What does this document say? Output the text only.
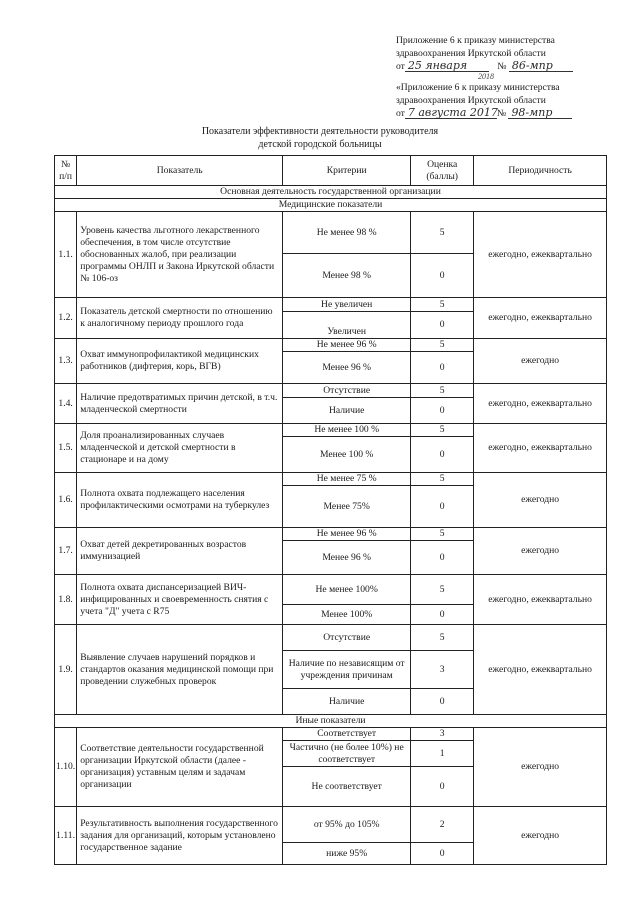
Приложение 6 к приказу министерства
здравоохранения Иркутской области
от 25 января	№ 86-мпр
2018
«Приложение 6 к приказу министерства
здравоохранения Иркутской области
от 7 августа 2017№ 98-мпр
Показатели эффективности деятельности руководителя
детской городской больницы
№ п/п	Показатель	Критерии	Оценка (баллы)	Периодичность
Основная деятельность государственной организации				
Медицинские показатели				
1.1.	Уровень качества льготного лекарственного обеспечения, в том числе отсутствие обоснованных жалоб, при реализации программы ОНЛП и Закона Иркутской области № 106-оз	Не менее 98 %	5	ежегодно, ежеквартально
		Менее 98 %	0	
1.2.	Показатель детской смертности по отношению к аналогичному периоду прошлого года	Не увеличен	5	ежегодно, ежеквартально
		Увеличен	0	
1.3.	Охват иммунопрофилактикой медицинских работников (дифтерия, корь, ВГВ)	Не менее 96 %	5	ежегодно
		Менее 96 %	0	
1.4.	Наличие предотвратимых причин детской, в т.ч. младенческой смертности	Отсутствие	5	ежегодно, ежеквартально
		Наличие	0	
1.5.	Доля проанализированных случаев младенческой и детской смертности в стационаре и на дому	Не менее 100 %	5	ежегодно, ежеквартально
		Менее 100 %	0	
1.6.	Полнота охвата подлежащего населения профилактическими осмотрами на туберкулез	Не менее 75 %	5	ежегодно
		Менее 75%	0	
1.7.	Охват детей декретированных возрастов иммунизацией	Не менее 96 %	5	ежегодно
		Менее 96 %	0	
1.8.	Полнота охвата диспансеризацией ВИЧ-инфицированных и своевременность снятия с учета "Д" учета с R75	Не менее 100%	5	ежегодно, ежеквартально
		Менее 100%	0	
1.9.	Выявление случаев нарушений порядков и стандартов оказания медицинской помощи при проведении служебных проверок	Отсутствие	5	ежегодно, ежеквартально
		Наличие по независящим от учреждения причинам	3	
		Наличие	0	
Иные показатели				
1.10.	Соответствие деятельности государственной организации Иркутской области (далее - организация) уставным целям и задачам организации	Соответствует	3	ежегодно
		Частично (не более 10%) не соответствует	1	
		Не соответствует	0	
1.11.	Результативность выполнения государственного задания для организаций, которым установлено государственное задание	от 95% до 105%	2	ежегодно
		ниже 95%	0	
